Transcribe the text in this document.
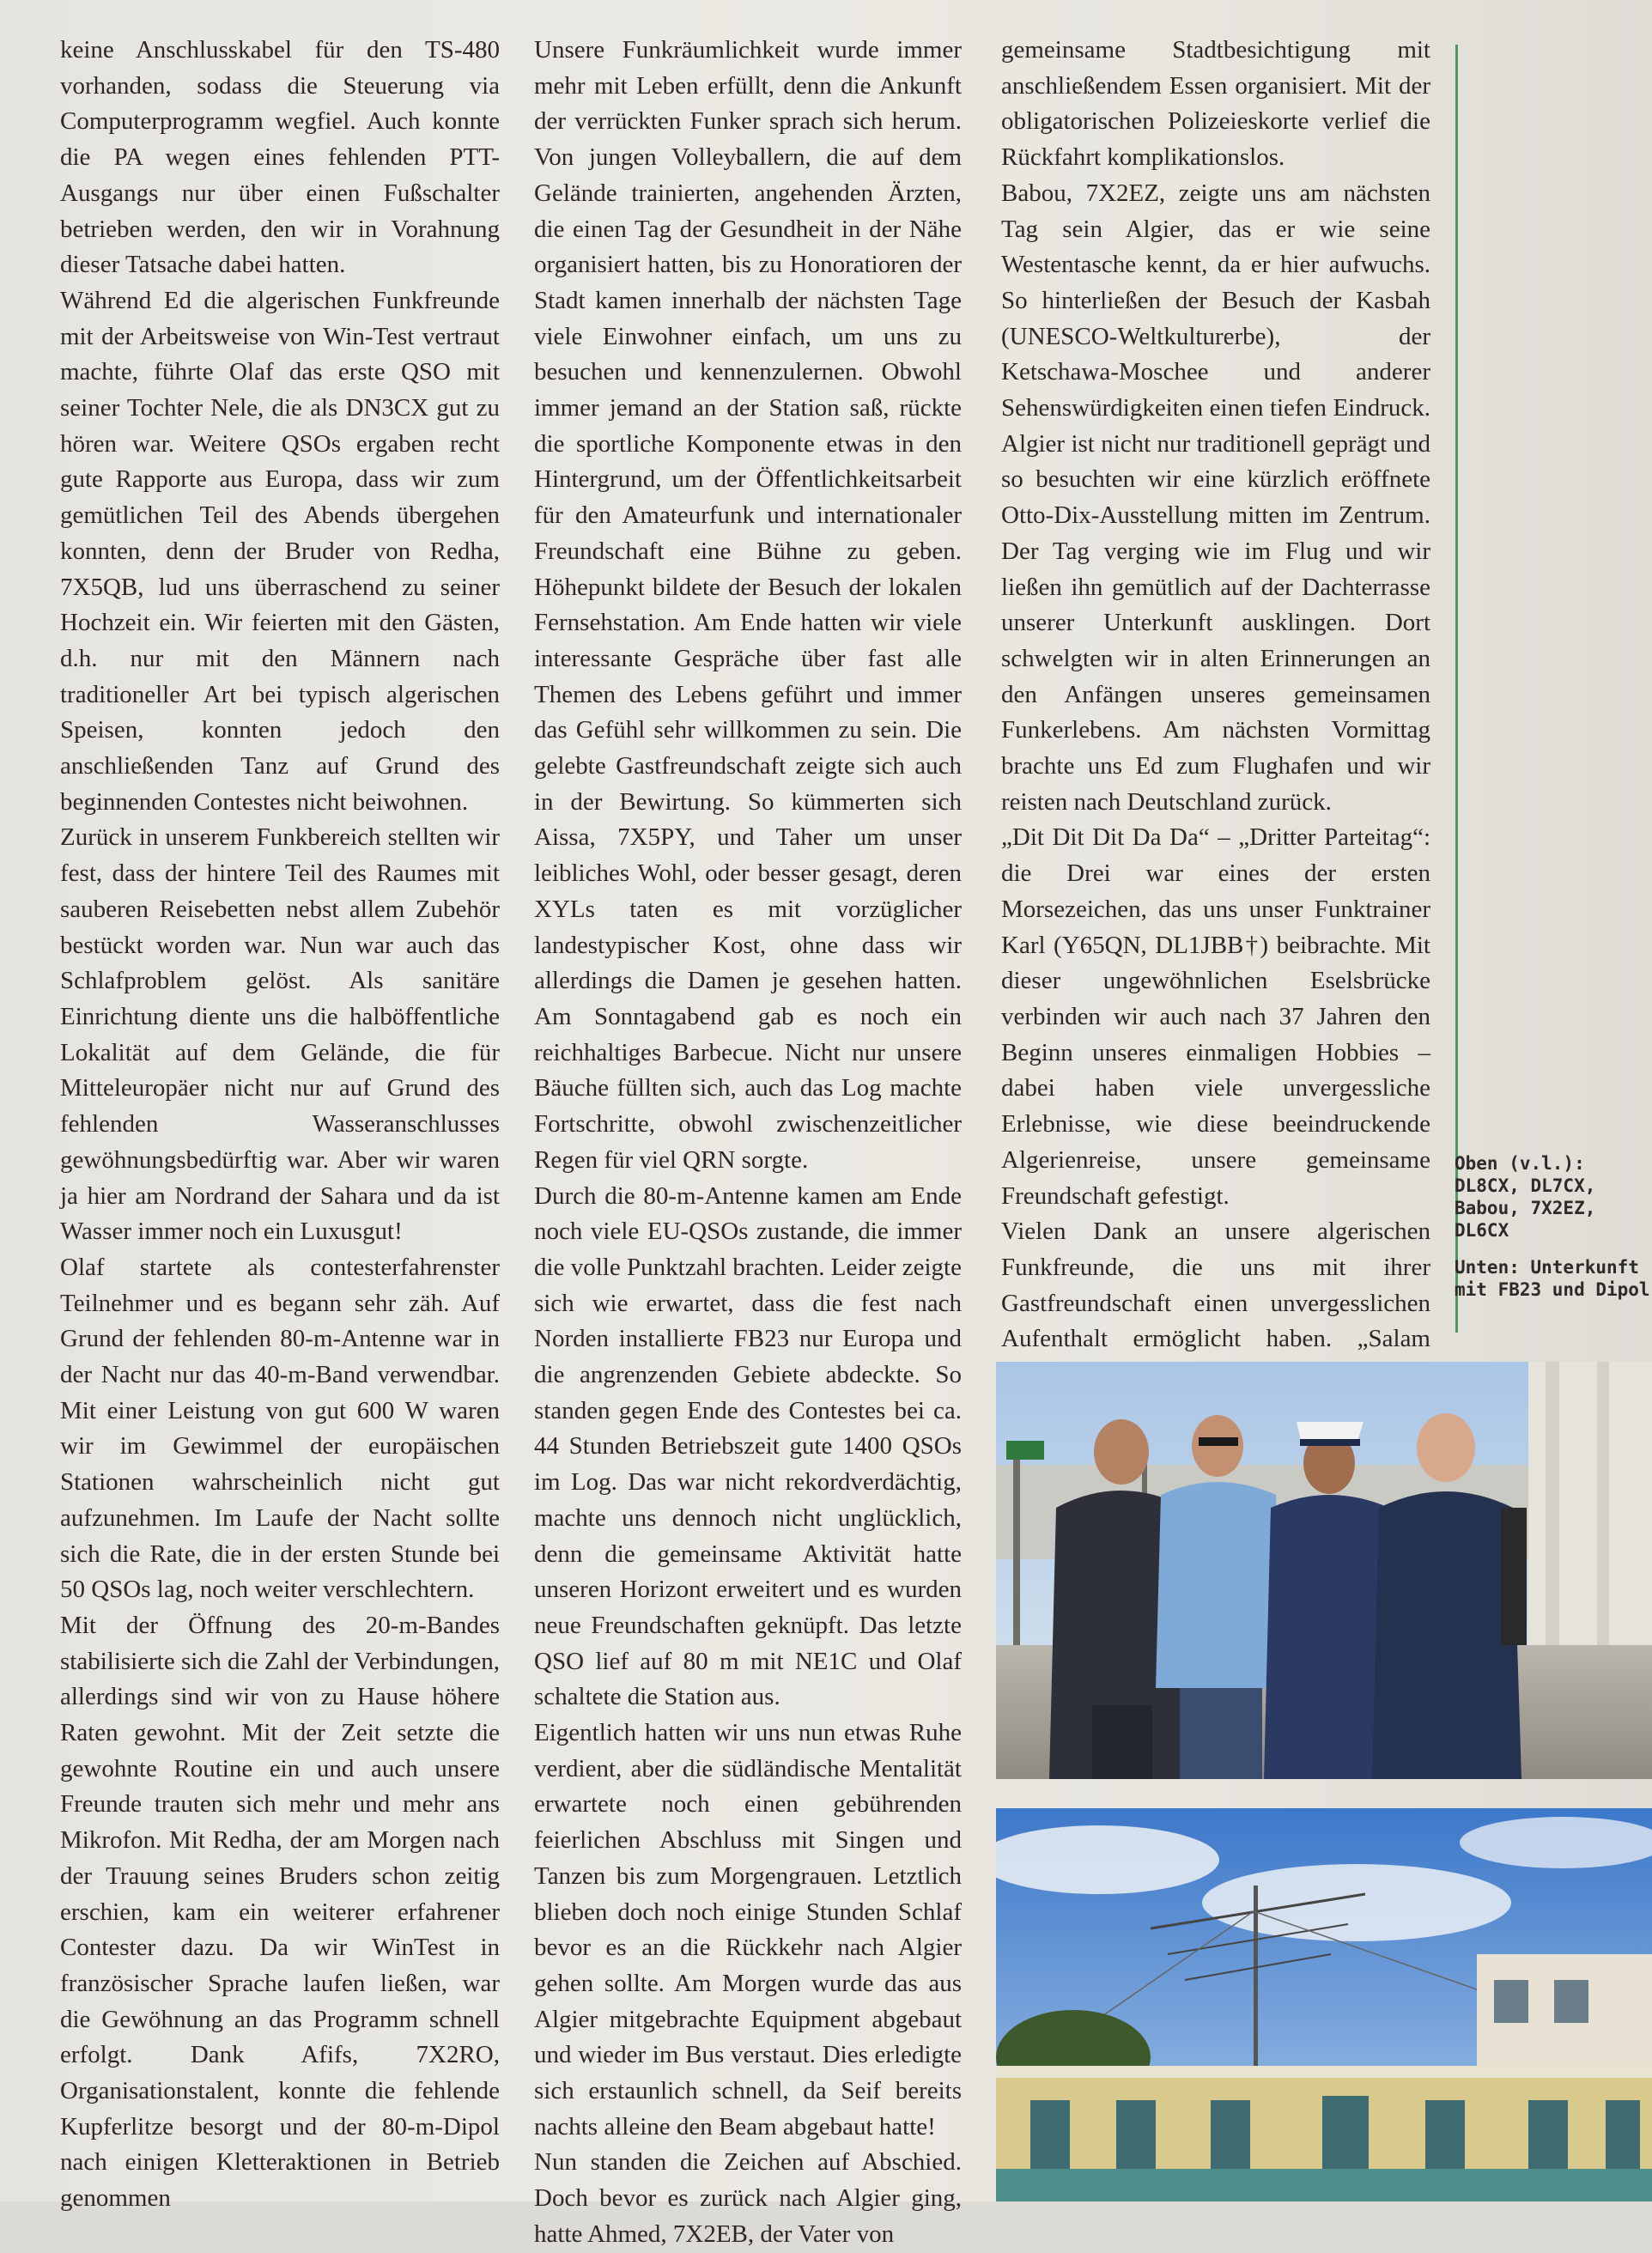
keine Anschlusskabel für den TS-480 vorhanden, sodass die Steuerung via Computerprogramm wegfiel. Auch konnte die PA wegen eines fehlenden PTT-Ausgangs nur über einen Fußschalter betrieben werden, den wir in Vorahnung dieser Tatsache dabei hatten.

Während Ed die algerischen Funkfreunde mit der Arbeitsweise von Win-Test vertraut machte, führte Olaf das erste QSO mit seiner Tochter Nele, die als DN3CX gut zu hören war. Weitere QSOs ergaben recht gute Rapporte aus Europa, dass wir zum gemütlichen Teil des Abends übergehen konnten, denn der Bruder von Redha, 7X5QB, lud uns überraschend zu seiner Hochzeit ein. Wir feierten mit den Gästen, d.h. nur mit den Männern nach traditioneller Art bei typisch algerischen Speisen, konnten jedoch den anschließenden Tanz auf Grund des beginnenden Contestes nicht beiwohnen.

Zurück in unserem Funkbereich stellten wir fest, dass der hintere Teil des Raumes mit sauberen Reisebetten nebst allem Zubehör bestückt worden war. Nun war auch das Schlafproblem gelöst. Als sanitäre Einrichtung diente uns die halböffentliche Lokalität auf dem Gelände, die für Mitteleuropäer nicht nur auf Grund des fehlenden Wasseranschlusses gewöhnungsbedürftig war. Aber wir waren ja hier am Nordrand der Sahara und da ist Wasser immer noch ein Luxusgut!

Olaf startete als contesterfahrenster Teilnehmer und es begann sehr zäh. Auf Grund der fehlenden 80-m-Antenne war in der Nacht nur das 40-m-Band verwendbar. Mit einer Leistung von gut 600 W waren wir im Gewimmel der europäischen Stationen wahrscheinlich nicht gut aufzunehmen. Im Laufe der Nacht sollte sich die Rate, die in der ersten Stunde bei 50 QSOs lag, noch weiter verschlechtern.

Mit der Öffnung des 20-m-Bandes stabilisierte sich die Zahl der Verbindungen, allerdings sind wir von zu Hause höhere Raten gewohnt. Mit der Zeit setzte die gewohnte Routine ein und auch unsere Freunde trauten sich mehr und mehr ans Mikrofon. Mit Redha, der am Morgen nach der Trauung seines Bruders schon zeitig erschien, kam ein weiterer erfahrener Contester dazu. Da wir WinTest in französischer Sprache laufen ließen, war die Gewöhnung an das Programm schnell erfolgt. Dank Afifs, 7X2RO, Organisationstalent, konnte die fehlende Kupferlitze besorgt und der 80-m-Dipol nach einigen Kletteraktionen in Betrieb genommen

Unsere Funkräumlichkeit wurde immer mehr mit Leben erfüllt, denn die Ankunft der verrückten Funker sprach sich herum. Von jungen Volleyballern, die auf dem Gelände trainierten, angehenden Ärzten, die einen Tag der Gesundheit in der Nähe organisiert hatten, bis zu Honoratioren der Stadt kamen innerhalb der nächsten Tage viele Einwohner einfach, um uns zu besuchen und kennenzulernen. Obwohl immer jemand an der Station saß, rückte die sportliche Komponente etwas in den Hintergrund, um der Öffentlichkeitsarbeit für den Amateurfunk und internationaler Freundschaft eine Bühne zu geben. Höhepunkt bildete der Besuch der lokalen Fernsehstation. Am Ende hatten wir viele interessante Gespräche über fast alle Themen des Lebens geführt und immer das Gefühl sehr willkommen zu sein. Die gelebte Gastfreundschaft zeigte sich auch in der Bewirtung. So kümmerten sich Aissa, 7X5PY, und Taher um unser leibliches Wohl, oder besser gesagt, deren XYLs taten es mit vorzüglicher landestypischer Kost, ohne dass wir allerdings die Damen je gesehen hatten. Am Sonntagabend gab es noch ein reichhaltiges Barbecue. Nicht nur unsere Bäuche füllten sich, auch das Log machte Fortschritte, obwohl zwischenzeitlicher Regen für viel QRN sorgte.

Durch die 80-m-Antenne kamen am Ende noch viele EU-QSOs zustande, die immer die volle Punktzahl brachten. Leider zeigte sich wie erwartet, dass die fest nach Norden installierte FB23 nur Europa und die angrenzenden Gebiete abdeckte. So standen gegen Ende des Contestes bei ca. 44 Stunden Betriebszeit gute 1400 QSOs im Log. Das war nicht rekordverdächtig, machte uns dennoch nicht unglücklich, denn die gemeinsame Aktivität hatte unseren Horizont erweitert und es wurden neue Freundschaften geknüpft. Das letzte QSO lief auf 80 m mit NE1C und Olaf schaltete die Station aus.

Eigentlich hatten wir uns nun etwas Ruhe verdient, aber die südländische Mentalität erwartete noch einen gebührenden feierlichen Abschluss mit Singen und Tanzen bis zum Morgengrauen. Letztlich blieben doch noch einige Stunden Schlaf bevor es an die Rückkehr nach Algier gehen sollte. Am Morgen wurde das aus Algier mitgebrachte Equipment abgebaut und wieder im Bus verstaut. Dies erledigte sich erstaunlich schnell, da Seif bereits nachts alleine den Beam abgebaut hatte!

Nun standen die Zeichen auf Abschied. Doch bevor es zurück nach Algier ging, hatte Ahmed, 7X2EB, der Vater von

gemeinsame Stadtbesichtigung mit anschließendem Essen organisiert. Mit der obligatorischen Polizeieskorte verlief die Rückfahrt komplikationslos.

Babou, 7X2EZ, zeigte uns am nächsten Tag sein Algier, das er wie seine Westentasche kennt, da er hier aufwuchs. So hinterließen der Besuch der Kasbah (UNESCO-Weltkulturerbe), der Ketschawa-Moschee und anderer Sehenswürdigkeiten einen tiefen Eindruck. Algier ist nicht nur traditionell geprägt und so besuchten wir eine kürzlich eröffnete Otto-Dix-Ausstellung mitten im Zentrum. Der Tag verging wie im Flug und wir ließen ihn gemütlich auf der Dachterrasse unserer Unterkunft ausklingen. Dort schwelgten wir in alten Erinnerungen an den Anfängen unseres gemeinsamen Funkerlebens. Am nächsten Vormittag brachte uns Ed zum Flughafen und wir reisten nach Deutschland zurück.

„Dit Dit Dit Da Da“ – „Dritter Parteitag“: die Drei war eines der ersten Morsezeichen, das uns unser Funktrainer Karl (Y65QN, DL1JBB†) beibrachte. Mit dieser ungewöhnlichen Eselsbrücke verbinden wir auch nach 37 Jahren den Beginn unseres einmaligen Hobbies – dabei haben viele unvergessliche Erlebnisse, wie diese beeindruckende Algerienreise, unsere gemeinsame Freundschaft gefestigt.

Vielen Dank an unsere algerischen Funkfreunde, die uns mit ihrer Gastfreundschaft einen unvergesslichen Aufenthalt ermöglicht haben. „Salam

Oben (v.l.): DL8CX, DL7CX, Babou, 7X2EZ, DL6CX
Unten: Unterkunft mit FB23 und Dipol
